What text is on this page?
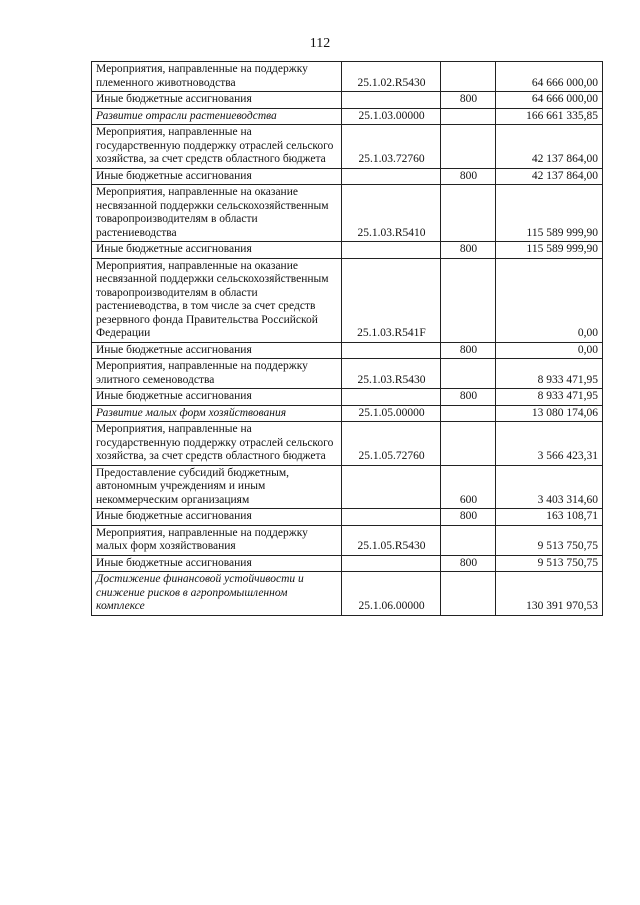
112
Мероприятия, направленные на поддержку племенного животноводства	25.1.02.R5430		64 666 000,00
Иные бюджетные ассигнования		800	64 666 000,00
Развитие отрасли растениеводства	25.1.03.00000		166 661 335,85
Мероприятия, направленные на государственную поддержку отраслей сельского хозяйства, за счет средств областного бюджета	25.1.03.72760		42 137 864,00
Иные бюджетные ассигнования		800	42 137 864,00
Мероприятия, направленные на оказание несвязанной поддержки сельскохозяйственным товаропроизводителям в области растениеводства	25.1.03.R5410		115 589 999,90
Иные бюджетные ассигнования		800	115 589 999,90
Мероприятия, направленные на оказание несвязанной поддержки сельскохозяйственным товаропроизводителям в области растениеводства, в том числе за счет средств резервного фонда Правительства Российской Федерации	25.1.03.R541F		0,00
Иные бюджетные ассигнования		800	0,00
Мероприятия, направленные на поддержку элитного семеноводства	25.1.03.R5430		8 933 471,95
Иные бюджетные ассигнования		800	8 933 471,95
Развитие малых форм хозяйствования	25.1.05.00000		13 080 174,06
Мероприятия, направленные на государственную поддержку отраслей сельского хозяйства, за счет средств областного бюджета	25.1.05.72760		3 566 423,31
Предоставление субсидий бюджетным, автономным учреждениям и иным некоммерческим организациям		600	3 403 314,60
Иные бюджетные ассигнования		800	163 108,71
Мероприятия, направленные на поддержку малых форм хозяйствования	25.1.05.R5430		9 513 750,75
Иные бюджетные ассигнования		800	9 513 750,75
Достижение финансовой устойчивости и снижение рисков в агропромышленном комплексе	25.1.06.00000		130 391 970,53
